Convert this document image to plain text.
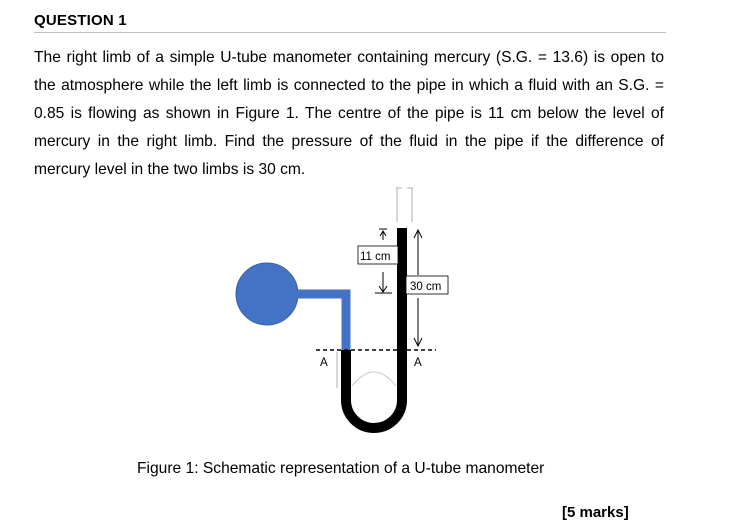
QUESTION 1
The right limb of a simple U-tube manometer containing mercury (S.G. = 13.6) is open to the atmosphere while the left limb is connected to the pipe in which a fluid with an S.G. = 0.85 is flowing as shown in Figure 1. The centre of the pipe is 11 cm below the level of mercury in the right limb. Find the pressure of the fluid in the pipe if the difference of mercury level in the two limbs is 30 cm.
11 cm
30 cm
A	A
Figure 1: Schematic representation of a U-tube manometer
[5 marks]
